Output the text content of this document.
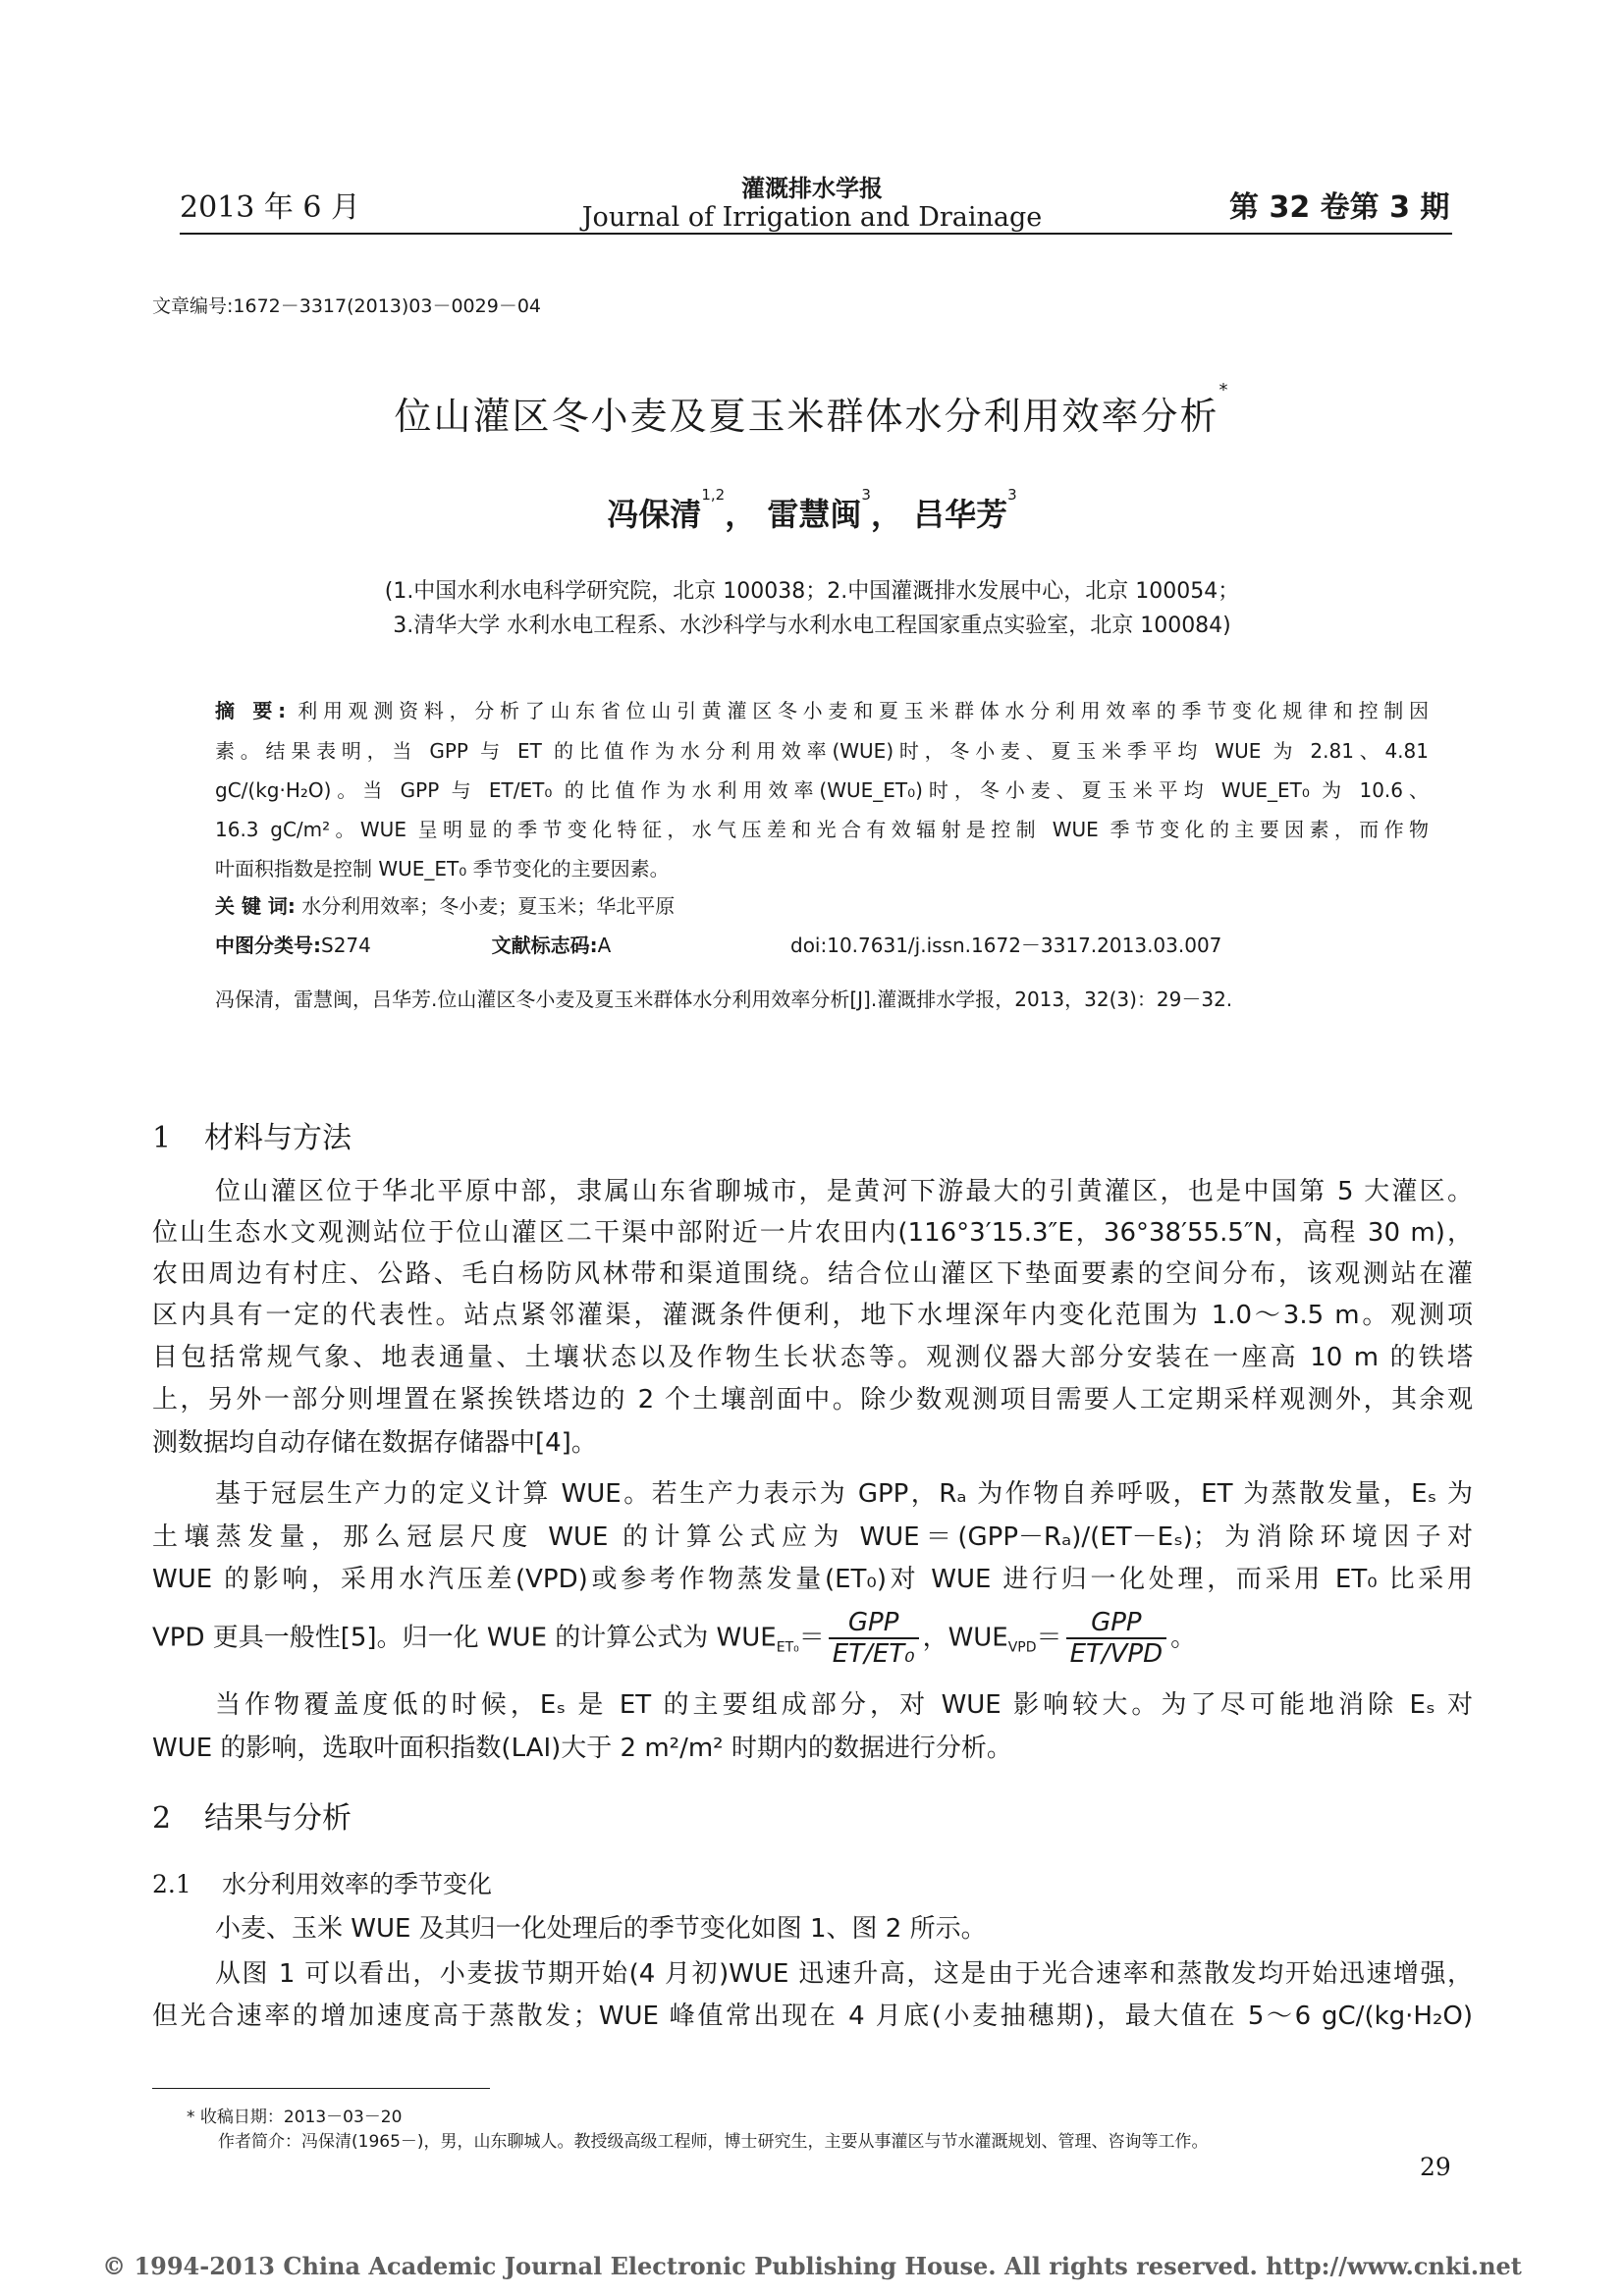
2013 年 6 月
灌溉排水学报
Journal of Irrigation and Drainage	第 32 卷第 3 期
文章编号:1672－3317(2013)03－0029－04
位山灌区冬小麦及夏玉米群体水分利用效率分析*
冯保清$^{1,2}$， 雷慧闽$^3$， 吕华芳$^3$
(1.中国水利水电科学研究院，北京 100038；2.中国灌溉排水发展中心，北京 100054；
3.清华大学 水利水电工程系、水沙科学与水利水电工程国家重点实验室，北京 100084)
摘 要: 利用观测资料，分析了山东省位山引黄灌区冬小麦和夏玉米群体水分利用效率的季节变化规律和控制因
素。结果表明，当 GPP 与 ET 的比值作为水分利用效率(WUE)时，冬小麦、夏玉米季平均 WUE 为 2.81、4.81
gC/(kg·H₂O)。当 GPP 与 ET/ET₀ 的比值作为水利用效率(WUE_ET₀)时，冬小麦、夏玉米平均 WUE_ET₀ 为 10.6、
16.3 gC/m²。WUE 呈明显的季节变化特征，水气压差和光合有效辐射是控制 WUE 季节变化的主要因素，而作物
叶面积指数是控制 WUE_ET₀ 季节变化的主要因素。
关 键 词: 水分利用效率；冬小麦；夏玉米；华北平原
中图分类号:S274	文献标志码:A	doi:10.7631/j.issn.1672－3317.2013.03.007
冯保清，雷慧闽，吕华芳.位山灌区冬小麦及夏玉米群体水分利用效率分析[J].灌溉排水学报，2013，32(3)：29－32.
1 材料与方法
位山灌区位于华北平原中部，隶属山东省聊城市，是黄河下游最大的引黄灌区，也是中国第 5 大灌区。
位山生态水文观测站位于位山灌区二干渠中部附近一片农田内(116°3′15.3″E，36°38′55.5″N，高程 30 m)，
农田周边有村庄、公路、毛白杨防风林带和渠道围绕。结合位山灌区下垫面要素的空间分布，该观测站在灌
区内具有一定的代表性。站点紧邻灌渠，灌溉条件便利，地下水埋深年内变化范围为 1.0～3.5 m。观测项
目包括常规气象、地表通量、土壤状态以及作物生长状态等。观测仪器大部分安装在一座高 10 m 的铁塔
上，另外一部分则埋置在紧挨铁塔边的 2 个土壤剖面中。除少数观测项目需要人工定期采样观测外，其余观
测数据均自动存储在数据存储器中[4]。
基于冠层生产力的定义计算 WUE。若生产力表示为 GPP，Rₐ 为作物自养呼吸，ET 为蒸散发量，Eₛ 为
土壤蒸发量，那么冠层尺度 WUE 的计算公式应为 WUE＝(GPP－Rₐ)/(ET－Eₛ)；为消除环境因子对
WUE 的影响，采用水汽压差(VPD)或参考作物蒸发量(ET₀)对 WUE 进行归一化处理，而采用 ET₀ 比采用
VPD 更具一般性[5]。归一化 WUE 的计算公式为 $WUE_{ET_0}= \frac{\text{GPP}}{\text{ET/ET₀}}$ ，$WUE_{VPD}= \frac{\text{GPP}}{\text{ET/VPD}}$ 。
当作物覆盖度低的时候，Eₛ 是 ET 的主要组成部分，对 WUE 影响较大。为了尽可能地消除 Eₛ 对
WUE 的影响，选取叶面积指数(LAI)大于 2 m²/m² 时期内的数据进行分析。
2 结果与分析
2.1 水分利用效率的季节变化
小麦、玉米 WUE 及其归一化处理后的季节变化如图 1、图 2 所示。
从图 1 可以看出，小麦拔节期开始(4 月初)WUE 迅速升高，这是由于光合速率和蒸散发均开始迅速增强，
但光合速率的增加速度高于蒸散发；WUE 峰值常出现在 4 月底(小麦抽穗期)，最大值在 5～6 gC/(kg·H₂O)
* 收稿日期：2013－03－20
作者简介：冯保清(1965－)，男，山东聊城人。教授级高级工程师，博士研究生，主要从事灌区与节水灌溉规划、管理、咨询等工作。
29
© 1994-2013 China Academic Journal Electronic Publishing House. All rights reserved. http://www.cnki.net
